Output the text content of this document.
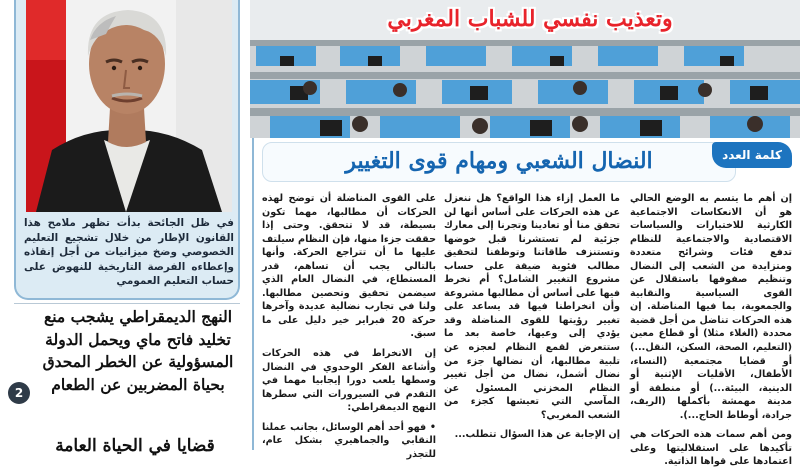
في ظل الجائحة بدأت تظهر ملامح هذا القانون الإطار من خلال تشجيع التعليم الخصوصي وضخ ميزانيات من أجل إنقاذه وإعطاءه الفرصة التاريخية للنهوض على حساب التعليم العمومي
النهج الديمقراطي يشجب منع تخليد فاتح ماي ويحمل الدولة المسؤولية عن الخطر المحدق بحياة المضربين عن الطعام
2
قضايا في الحياة العامة
وتعذيب نفسي للشباب المغربي
النضال الشعبي ومهام قوى التغيير	كلمة العدد

إن أهم ما يتسم به الوضع الحالي هو أن الانعكاسات الاجتماعية الكارثية للاختيارات والسياسات الاقتصادية والاجتماعية للنظام تدفع فئات وشرائح متعددة ومتزايدة من الشعب إلى النضال وتنظيم صفوفها باستقلال عن القوى السياسية والنقابية والجمعوية، بما فيها المناضلة. إن هذه الحركات تناضل من أجل قضية محددة (الغلاء مثلا) أو قطاع معين (التعليم، الصحة، السكن، النقل...) أو قضايا مجتمعية (النساء، الأطفال، الأقليات الإثنية أو الدينية، البيئة...) أو منطقة أو مدينة مهمشة بأكملها (الريف، جرادة، أوطاط الحاج...).

ومن أهم سمات هذه الحركات هي تأكيدها على استقلاليتها وعلى اعتمادها على قواها الذاتية.

ما العمل إزاء هذا الواقع؟ هل ننعزل عن هذه الحركات على أساس أنها لن تحقق منا أو تعادينا وتجرنا إلى معارك جزئية لم تستشرنا قبل خوضها وتستنزف طاقاتنا وتوظفنا لتحقيق مطالب فئوية ضيقة على حساب مشروع التغيير الشامل؟ أم نخرط فيها على أساس أن مطالبها مشروعة وأن انخراطنا فيها قد يساعد على تغيير رؤيتها للقوى المناضلة وقد يؤدي إلى وعيها، خاصة بعد ما ستتعرض لقمع النظام لعجزه عن تلبية مطالبها، أن نضالها جزء من نضال أشمل، نضال من أجل تغيير النظام المخزني المسئول عن المآسي التي تعيشها كجزء من الشعب المغربي؟

إن الإجابة عن هذا السؤال تتطلب...

على القوى المناضلة أن توضح لهذه الحركات أن مطالبها، مهما تكون بسيطة، قد لا تتحقق. وحتى إذا حققت جزءا منها، فإن النظام سيلتف عليها ما أن تتراجع الحركة. وأنها بالتالي يجب أن تساهم، قدر المستطاع، في النضال العام الذي سيضمن تحقيق وتحصين مطالبها. ولنا في تجارب نضالية عديدة وآخرها حركة 20 فبراير خير دليل على ما سبق.

إن الانخراط في هذه الحركات وأشاعة الفكر الوحدوي في النضال وسطها يلعب دورا إيجابيا مهما في التقدم في السيرورات التي سطرها النهج الديمقراطي:

• فهو أحد أهم الوسائل، بجانب عملنا النقابي والجماهيري بشكل عام، للتجذر
